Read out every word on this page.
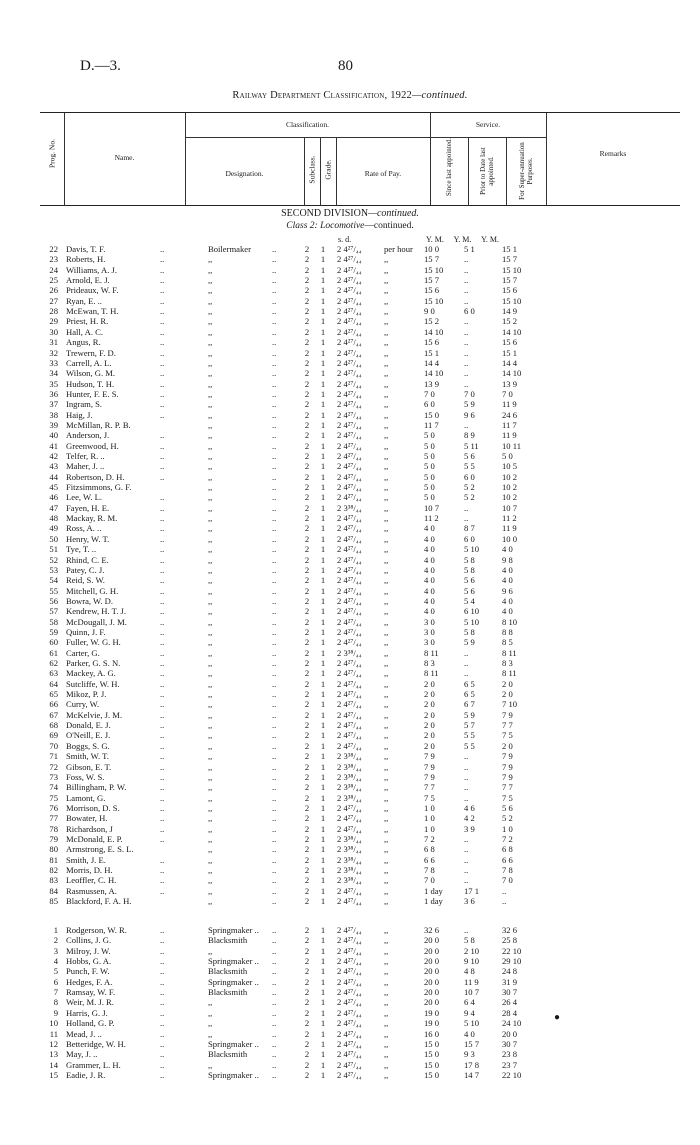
D.—3.	80
Railway Department Classification, 1922—continued.
Prog. No.	Name.
Classification.
Designation.	Subclass. Grade.	Rate of Pay.
Service.
Since last appointed.	Prior to Date last appointed.	For Super-annuation Purposes.
Remarks
SECOND DIVISION—continued.
Class 2: Locomotive—continued.
s. d.	Y. M.     Y. M.     Y. M.
22 Davis, T. F.	..	Boilermaker ..	2	1	2 4²⁷/₄₄	per hour 10 0	5 1	15 1
23 Roberts, H.	..	,,	..	2	1	2 4²⁷/₄₄	,,	15 7	..	15 7
24 Williams, A. J.	..	,,	..	2	1	2 4²⁷/₄₄	,,	15 10	..	15 10
25 Arnold, E. J.	..	,,	..	2	1	2 4²⁷/₄₄	,,	15 7	..	15 7
26 Prideaux, W. F.	..	,,	..	2	1	2 4²⁷/₄₄	,,	15 6	..	15 6
27 Ryan, E. ..	..	,,	..	2	1	2 4²⁷/₄₄	,,	15 10	..	15 10
28 McEwan, T. H.	..	,,	..	2	1	2 4²⁷/₄₄	,,	9 0	6 0	14 9
29 Priest, H. R.	..	,,	..	2	1	2 4²⁷/₄₄	,,	15 2	..	15 2
30 Hall, A. C.	..	,,	..	2	1	2 4²⁷/₄₄	,,	14 10	..	14 10
31 Angus, R.	..	,,	..	2	1	2 4²⁷/₄₄	,,	15 6	..	15 6
32 Trewern, F. D.	..	,,	..	2	1	2 4²⁷/₄₄	,,	15 1	..	15 1
33 Carrell, A. L.	..	,,	..	2	1	2 4²⁷/₄₄	,,	14 4	..	14 4
34 Wilson, G. M.	..	,,	..	2	1	2 4²⁷/₄₄	,,	14 10	..	14 10
35 Hudson, T. H.	..	,,	..	2	1	2 4²⁷/₄₄	,,	13 9	..	13 9
36 Hunter, F. E. S.	..	,,	..	2	1	2 4²⁷/₄₄	,,	7 0	7 0	7 0
37 Ingram, S.	..	,,	..	2	1	2 4²⁷/₄₄	,,	6 0	5 9	11 9
38 Haig, J.	..	,,	..	2	1	2 4²⁷/₄₄	,,	15 0	9 6	24 6
39 McMillan, R. P. B.	,,	..	2	1	2 4²⁷/₄₄	,,	11 7	..	11 7
40 Anderson, J.	..	,,	..	2	1	2 4²⁷/₄₄	,,	5 0	8 9	11 9
41 Greenwood, H.	..	,,	..	2	1	2 4²⁷/₄₄	,,	5 0	5 11	10 11
42 Telfer, R. ..	..	,,	..	2	1	2 4²⁷/₄₄	,,	5 0	5 6	5 0
43 Maher, J. ..	..	,,	..	2	1	2 4²⁷/₄₄	,,	5 0	5 5	10 5
44 Robertson, D. H.	..	,,	..	2	1	2 4²⁷/₄₄	,,	5 0	6 0	10 2
45 Fitzsimmons, G. F.	,,	..	2	1	2 4²⁷/₄₄	,,	5 0	5 2	10 2
46 Lee, W. L.	..	,,	..	2	1	2 4²⁷/₄₄	,,	5 0	5 2	10 2
47 Fayen, H. E.	..	,,	..	2	1	2 3³⁸/₄₄	,,	10 7	..	10 7
48 Mackay, R. M.	..	,,	..	2	1	2 4²⁷/₄₄	,,	11 2	..	11 2
49 Ross, A. ..	..	,,	..	2	1	2 4²⁷/₄₄	,,	4 0	8 7	11 9
50 Henry, W. T.	..	,,	..	2	1	2 4²⁷/₄₄	,,	4 0	6 0	10 0
51 Tye, T. ..	..	,,	..	2	1	2 4²⁷/₄₄	,,	4 0	5 10	4 0
52 Rhind, C. E.	..	,,	..	2	1	2 4²⁷/₄₄	,,	4 0	5 8	9 8
53 Patey, C. J.	..	,,	..	2	1	2 4²⁷/₄₄	,,	4 0	5 8	4 0
54 Reid, S. W.	..	,,	..	2	1	2 4²⁷/₄₄	,,	4 0	5 6	4 0
55 Mitchell, G. H.	..	,,	..	2	1	2 4²⁷/₄₄	,,	4 0	5 6	9 6
56 Bowra, W. D.	..	,,	..	2	1	2 4²⁷/₄₄	,,	4 0	5 4	4 0
57 Kendrew, H. T. J.	..	,,	..	2	1	2 4²⁷/₄₄	,,	4 0	6 10	4 0
58 McDougall, J. M.	..	,,	..	2	1	2 4²⁷/₄₄	,,	3 0	5 10	8 10
59 Quinn, J. F.	..	,,	..	2	1	2 4²⁷/₄₄	,,	3 0	5 8	8 8
60 Fuller, W. G. H.	..	,,	..	2	1	2 4²⁷/₄₄	,,	3 0	5 9	8 5
61 Carter, G.	..	,,	..	2	1	2 3³⁸/₄₄	,,	8 11	..	8 11
62 Parker, G. S. N.	..	,,	..	2	1	2 4²⁷/₄₄	,,	8 3	..	8 3
63 Mackey, A. G.	..	,,	..	2	1	2 4²⁷/₄₄	,,	8 11	..	8 11
64 Sutcliffe, W. H.	..	,,	..	2	1	2 4²⁷/₄₄	,,	2 0	6 5	2 0
65 Mikoz, P. J.	..	,,	..	2	1	2 4²⁷/₄₄	,,	2 0	6 5	2 0
66 Curry, W.	..	,,	..	2	1	2 4²⁷/₄₄	,,	2 0	6 7	7 10
67 McKelvie, J. M.	..	,,	..	2	1	2 4²⁷/₄₄	,,	2 0	5 9	7 9
68 Donald, E. J.	..	,,	..	2	1	2 4²⁷/₄₄	,,	2 0	5 7	7 7
69 O'Neill, E. J.	..	,,	..	2	1	2 4²⁷/₄₄	,,	2 0	5 5	7 5
70 Boggs, S. G.	..	,,	..	2	1	2 4²⁷/₄₄	,,	2 0	5 5	2 0
71 Smith, W. T.	..	,,	..	2	1	2 3³⁸/₄₄	,,	7 9	..	7 9
72 Gibson, E. T.	..	,,	..	2	1	2 3³⁸/₄₄	,,	7 9	..	7 9
73 Foss, W. S.	..	,,	..	2	1	2 3³⁸/₄₄	,,	7 9	..	7 9
74 Billingham, P. W.	..	,,	..	2	1	2 3³⁸/₄₄	,,	7 7	..	7 7
75 Lamont, G.	..	,,	..	2	1	2 3³⁸/₄₄	,,	7 5	..	7 5
76 Morrison, D. S.	..	,,	..	2	1	2 4²⁷/₄₄	,,	1 0	4 6	5 6
77 Bowater, H.	..	,,	..	2	1	2 4²⁷/₄₄	,,	1 0	4 2	5 2
78 Richardson, J	..	,,	..	2	1	2 4²⁷/₄₄	,,	1 0	3 9	1 0
79 McDonald, E. P.	..	,,	..	2	1	2 3³⁸/₄₄	,,	7 2	..	7 2
80 Armstrong, E. S. L.	,,	..	2	1	2 3³⁸/₄₄	,,	6 8	..	6 8
81 Smith, J. E.	..	,,	..	2	1	2 3³⁸/₄₄	,,	6 6	..	6 6
82 Morris, D. H.	..	,,	..	2	1	2 3³⁸/₄₄	,,	7 8	..	7 8
83 Leoffler, C. H.	..	,,	..	2	1	2 3³⁸/₄₄	,,	7 0	..	7 0
84 Rasmussen, A.	..	,,	..	2	1	2 4²⁷/₄₄	,,	1 day	17 1	..
85 Blackford, F. A. H.	,,	..	2	1	2 4²⁷/₄₄	,,	1 day	3 6	..
1 Rodgerson, W. R.	..	Springmaker .. ..	2	1	2 4²⁷/₄₄	,,	32 6	..	32 6
2 Collins, J. G.	..	Blacksmith	..	2	1	2 4²⁷/₄₄	,,	20 0	5 8	25 8
3 Milroy, J. W.	..	,,	..	2	1	2 4²⁷/₄₄	,,	20 0	2 10	22 10
4 Hobbs, G. A.	..	Springmaker .. ..	2	1	2 4²⁷/₄₄	,,	20 0	9 10	29 10
5 Punch, F. W.	..	Blacksmith	..	2	1	2 4²⁷/₄₄	,,	20 0	4 8	24 8
6 Hedges, F. A.	..	Springmaker .. ..	2	1	2 4²⁷/₄₄	,,	20 0	11 9	31 9
7 Ramsay, W. F.	..	Blacksmith	..	2	1	2 4²⁷/₄₄	,,	20 0	10 7	30 7
8 Weir, M. J. R.	..	,,	..	2	1	2 4²⁷/₄₄	,,	20 0	6 4	26 4
9 Harris, G. J.	..	,,	..	2	1	2 4²⁷/₄₄	,,	19 0	9 4	28 4
10 Holland, G. P.	..	,,	..	2	1	2 4²⁷/₄₄	,,	19 0	5 10	24 10
11 Mead, J. ..	..	,,	..	2	1	2 4²⁷/₄₄	,,	16 0	4 0	20 0
12 Betteridge, W. H.	..	Springmaker .. ..	2	1	2 4²⁷/₄₄	,,	15 0	15 7	30 7
13 May, J. ..	..	Blacksmith	..	2	1	2 4²⁷/₄₄	,,	15 0	9 3	23 8
14 Grammer, L. H.	..	,,	..	2	1	2 4²⁷/₄₄	,,	15 0	17 8	23 7
15 Eadie, J. R.	..	Springmaker .. ..	2	1	2 4²⁷/₄₄	,,	15 0	14 7	22 10
●
